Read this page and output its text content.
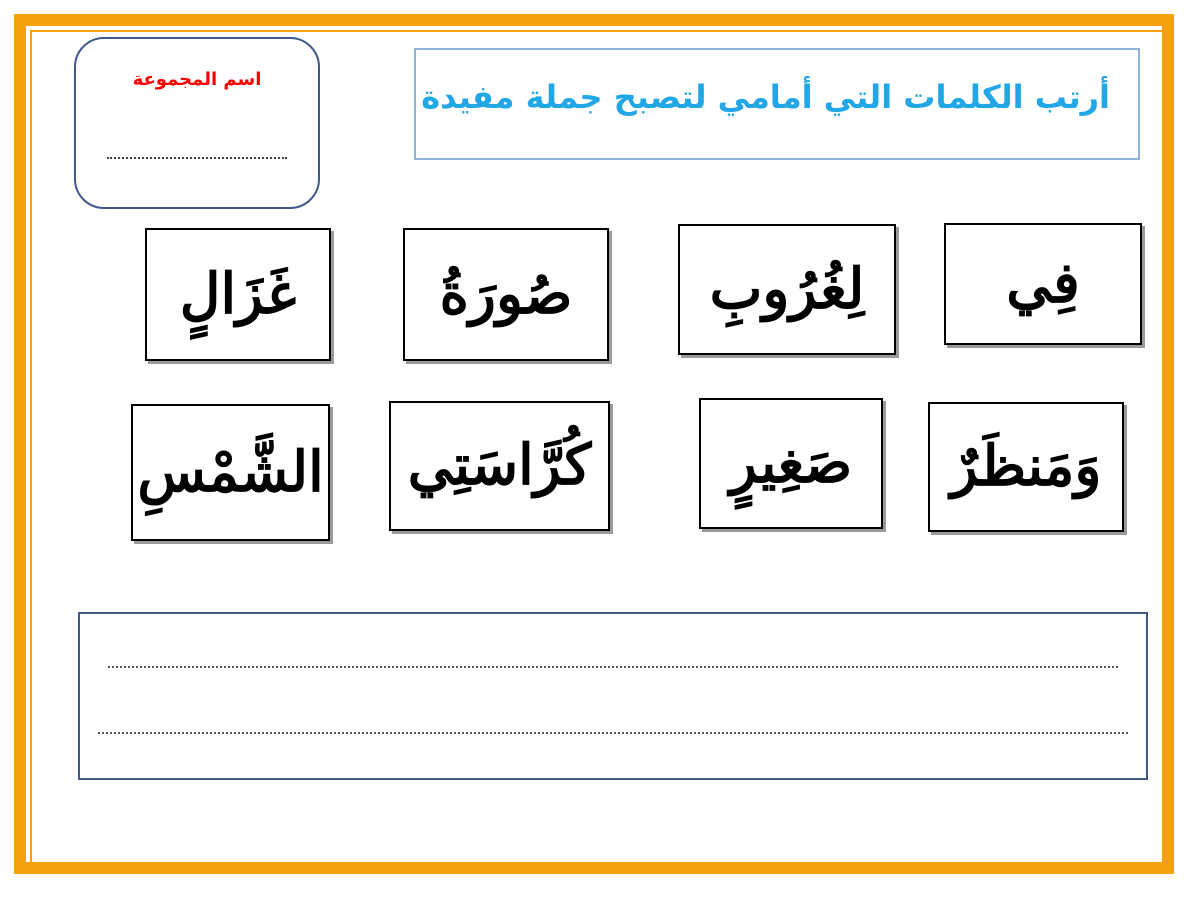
اسم المجموعة	أرتب الكلمات التي أمامي لتصبح جملة مفيدة
فِي
لِغُرُوبِ
صُورَةُ
غَزَالٍ
وَمَنظَرٌ
صَغِيرٍ
كُرَّاسَتِي
الشَّمْسِ
